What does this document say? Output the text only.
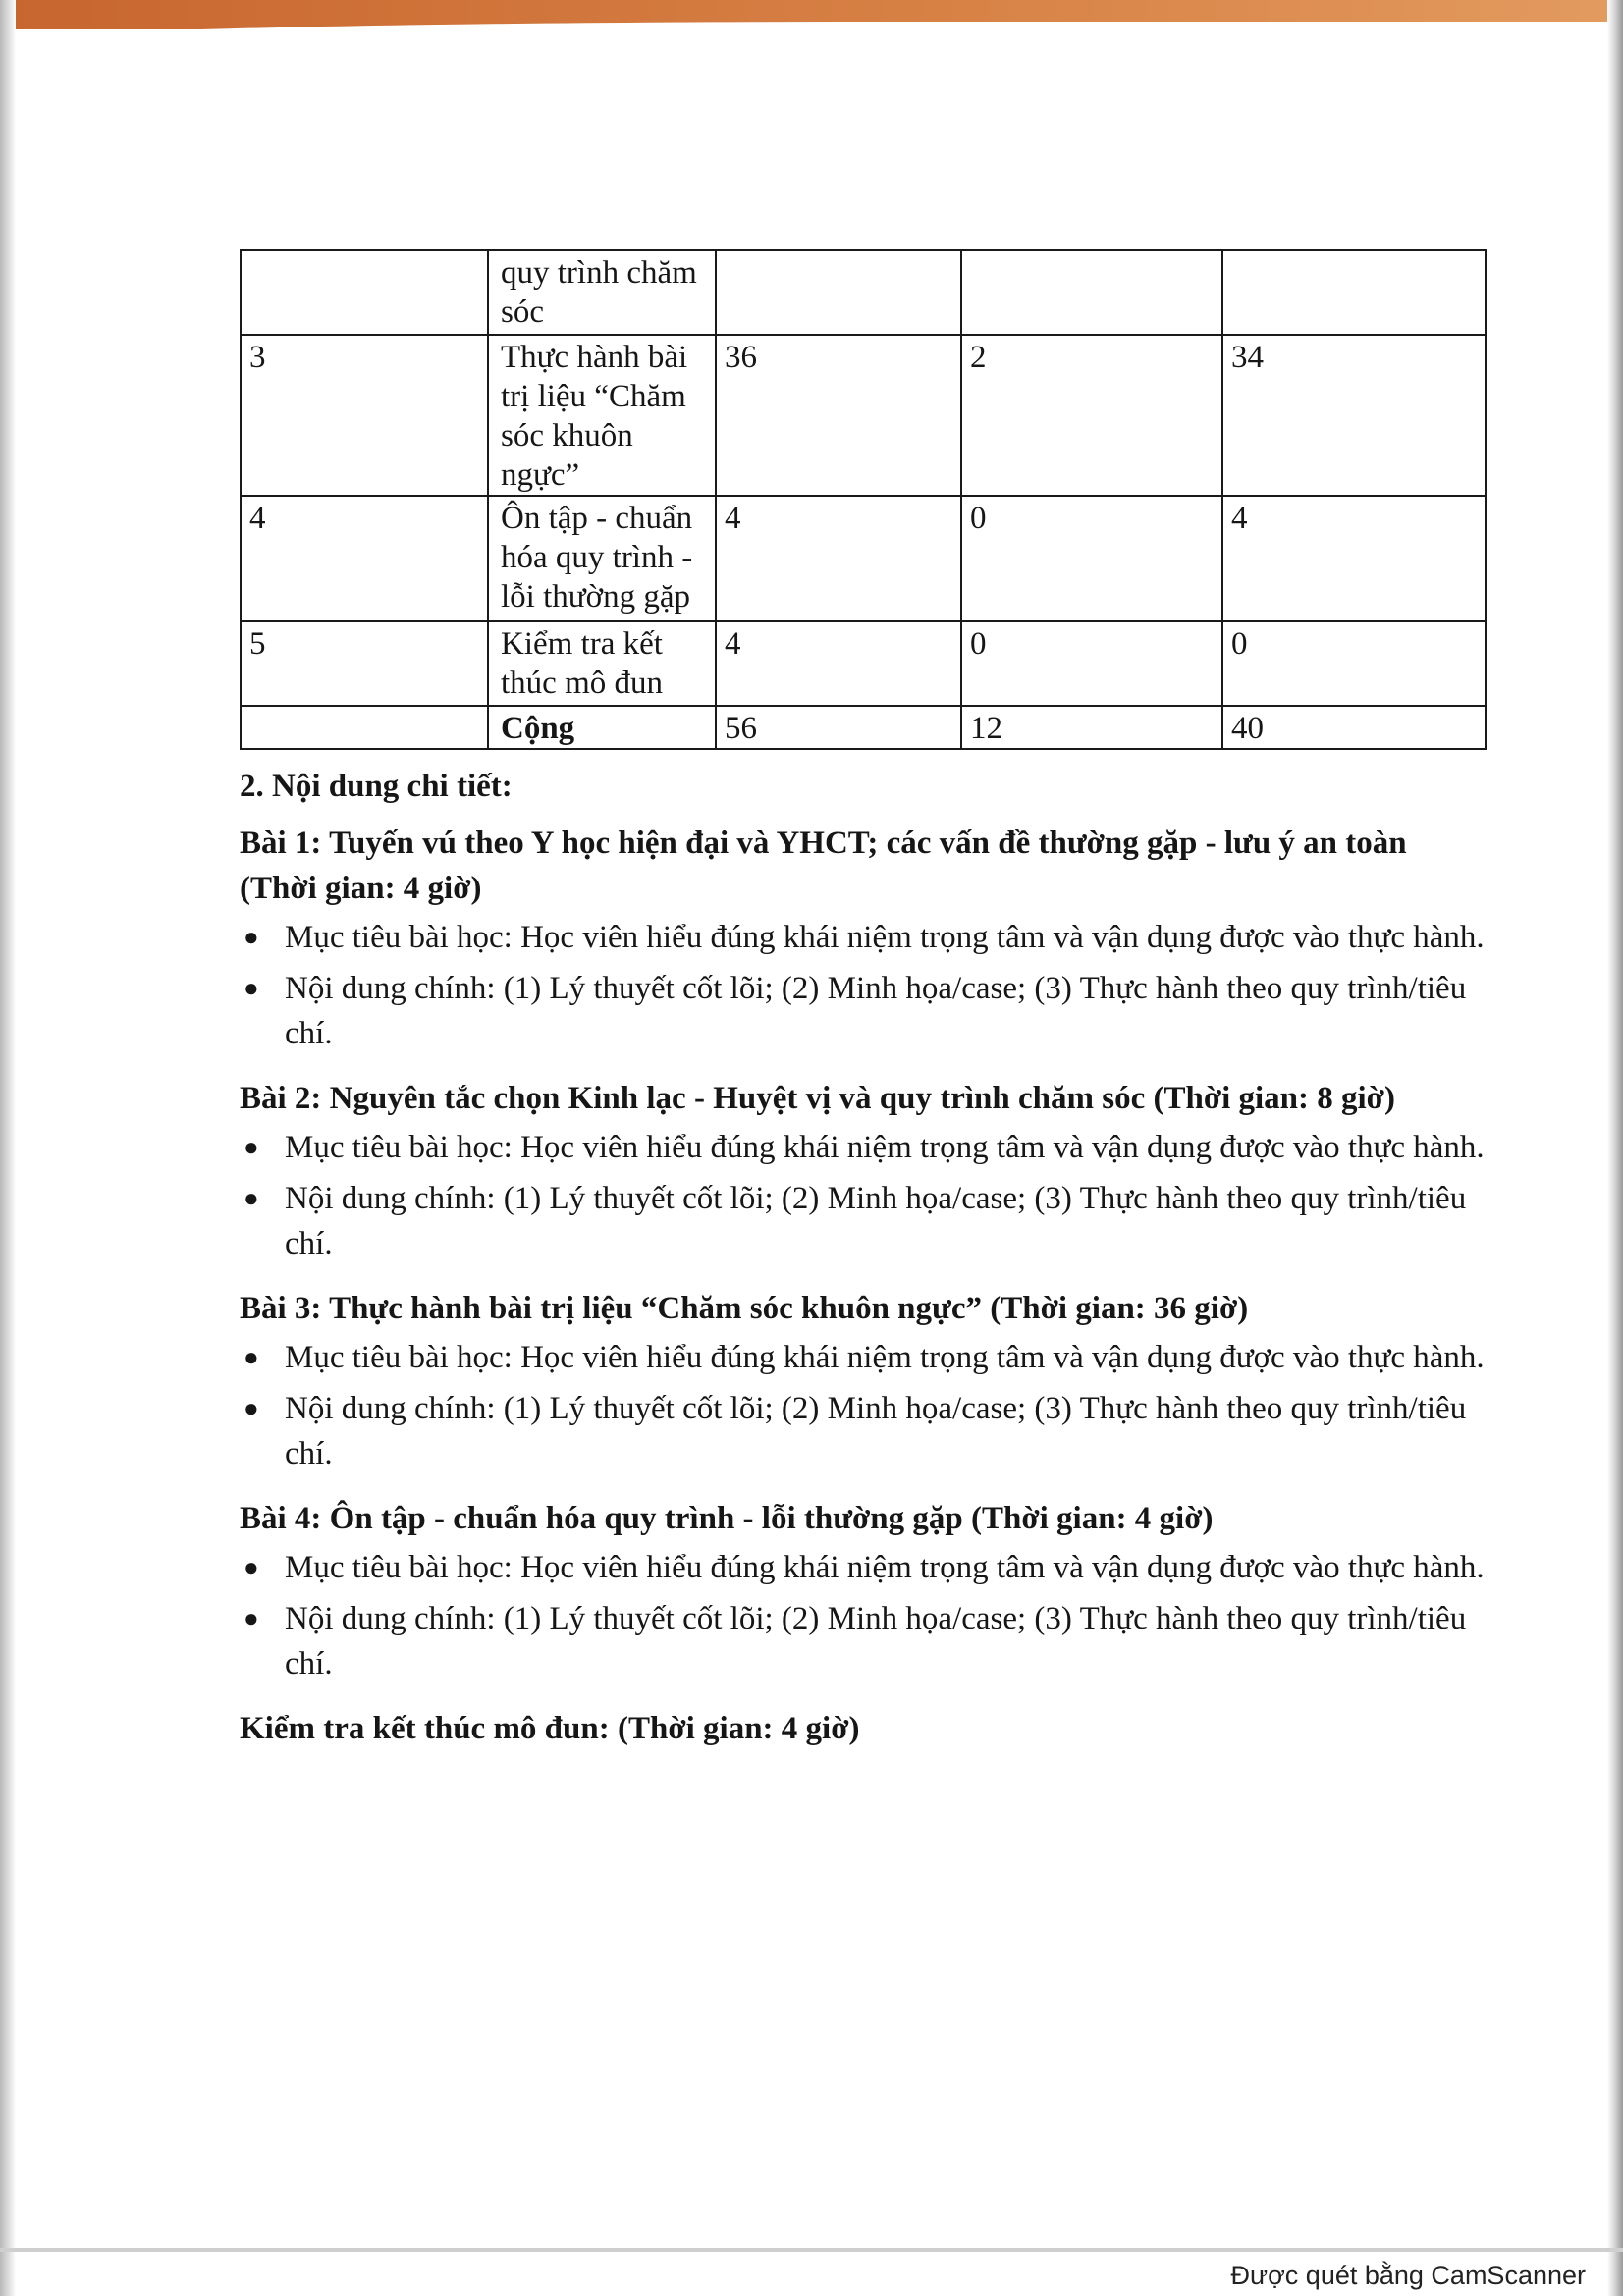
	quy trình chăm sóc			
3	Thực hành bài trị liệu “Chăm sóc khuôn ngực”	36	2	34
4	Ôn tập - chuẩn hóa quy trình - lỗi thường gặp	4	0	4
5	Kiểm tra kết thúc mô đun	4	0	0
	Cộng	56	12	40
2. Nội dung chi tiết:
Bài 1: Tuyến vú theo Y học hiện đại và YHCT; các vấn đề thường gặp - lưu ý an toàn (Thời gian: 4 giờ)
● Mục tiêu bài học: Học viên hiểu đúng khái niệm trọng tâm và vận dụng được vào thực hành.
● Nội dung chính: (1) Lý thuyết cốt lõi; (2) Minh họa/case; (3) Thực hành theo quy trình/tiêu chí.
Bài 2: Nguyên tắc chọn Kinh lạc - Huyệt vị và quy trình chăm sóc (Thời gian: 8 giờ)
● Mục tiêu bài học: Học viên hiểu đúng khái niệm trọng tâm và vận dụng được vào thực hành.
● Nội dung chính: (1) Lý thuyết cốt lõi; (2) Minh họa/case; (3) Thực hành theo quy trình/tiêu chí.
Bài 3: Thực hành bài trị liệu “Chăm sóc khuôn ngực” (Thời gian: 36 giờ)
● Mục tiêu bài học: Học viên hiểu đúng khái niệm trọng tâm và vận dụng được vào thực hành.
● Nội dung chính: (1) Lý thuyết cốt lõi; (2) Minh họa/case; (3) Thực hành theo quy trình/tiêu chí.
Bài 4: Ôn tập - chuẩn hóa quy trình - lỗi thường gặp (Thời gian: 4 giờ)
● Mục tiêu bài học: Học viên hiểu đúng khái niệm trọng tâm và vận dụng được vào thực hành.
● Nội dung chính: (1) Lý thuyết cốt lõi; (2) Minh họa/case; (3) Thực hành theo quy trình/tiêu chí.
Kiểm tra kết thúc mô đun: (Thời gian: 4 giờ)
Được quét bằng CamScanner
